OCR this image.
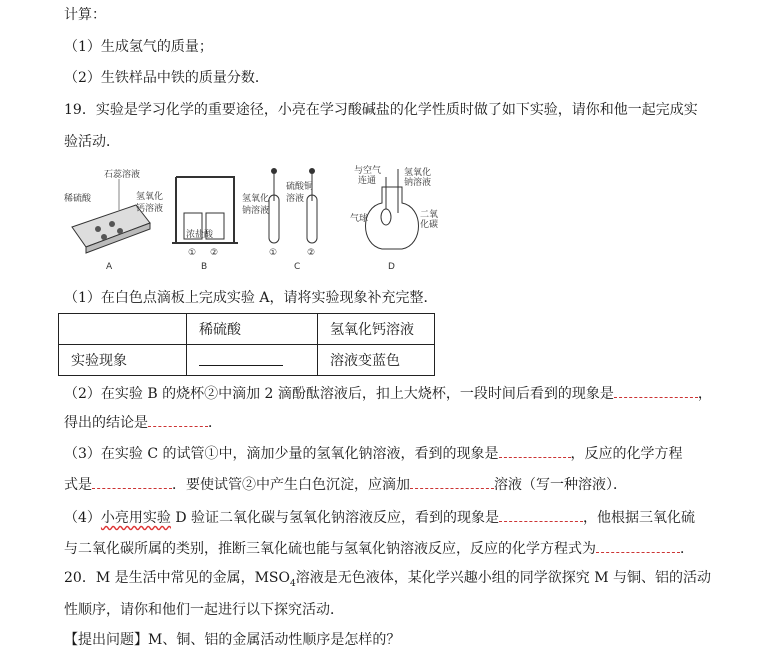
计算：
（1）生成氢气的质量；
（2）生铁样品中铁的质量分数．
19．实验是学习化学的重要途径，小亮在学习酸碱盐的化学性质时做了如下实验，请你和他一起完成实
验活动．
石蕊溶液
稀硫酸	氢氧化
钙溶液
A
浓盐酸
氢氧化
钠溶液
① ②
B
硫酸铜
溶液
①	②
C
与空气
连通
氢氧化
钠溶液
气球	二氧
化碳
D
（1）在白色点滴板上完成实验 A，请将实验现象补充完整．
	稀硫酸	氢氧化钙溶液
实验现象		溶液变蓝色
（2）在实验 B 的烧杯②中滴加 2 滴酚酞溶液后，扣上大烧杯，一段时间后看到的现象是	，
得出的结论是	．
（3）在实验 C 的试管①中，滴加少量的氢氧化钠溶液，看到的现象是	，反应的化学方程
式是	．要使试管②中产生白色沉淀，应滴加	溶液（写一种溶液）．
（4）小亮用实验 D 验证二氧化碳与氢氧化钠溶液反应，看到的现象是	，他根据三氧化硫
与二氧化碳所属的类别，推断三氧化硫也能与氢氧化钠溶液反应，反应的化学方程式为	．
20．M 是生活中常见的金属，$MSO_4$溶液是无色液体，某化学兴趣小组的同学欲探究 M 与铜、铝的活动
性顺序，请你和他们一起进行以下探究活动．
【提出问题】M、铜、铝的金属活动性顺序是怎样的？
